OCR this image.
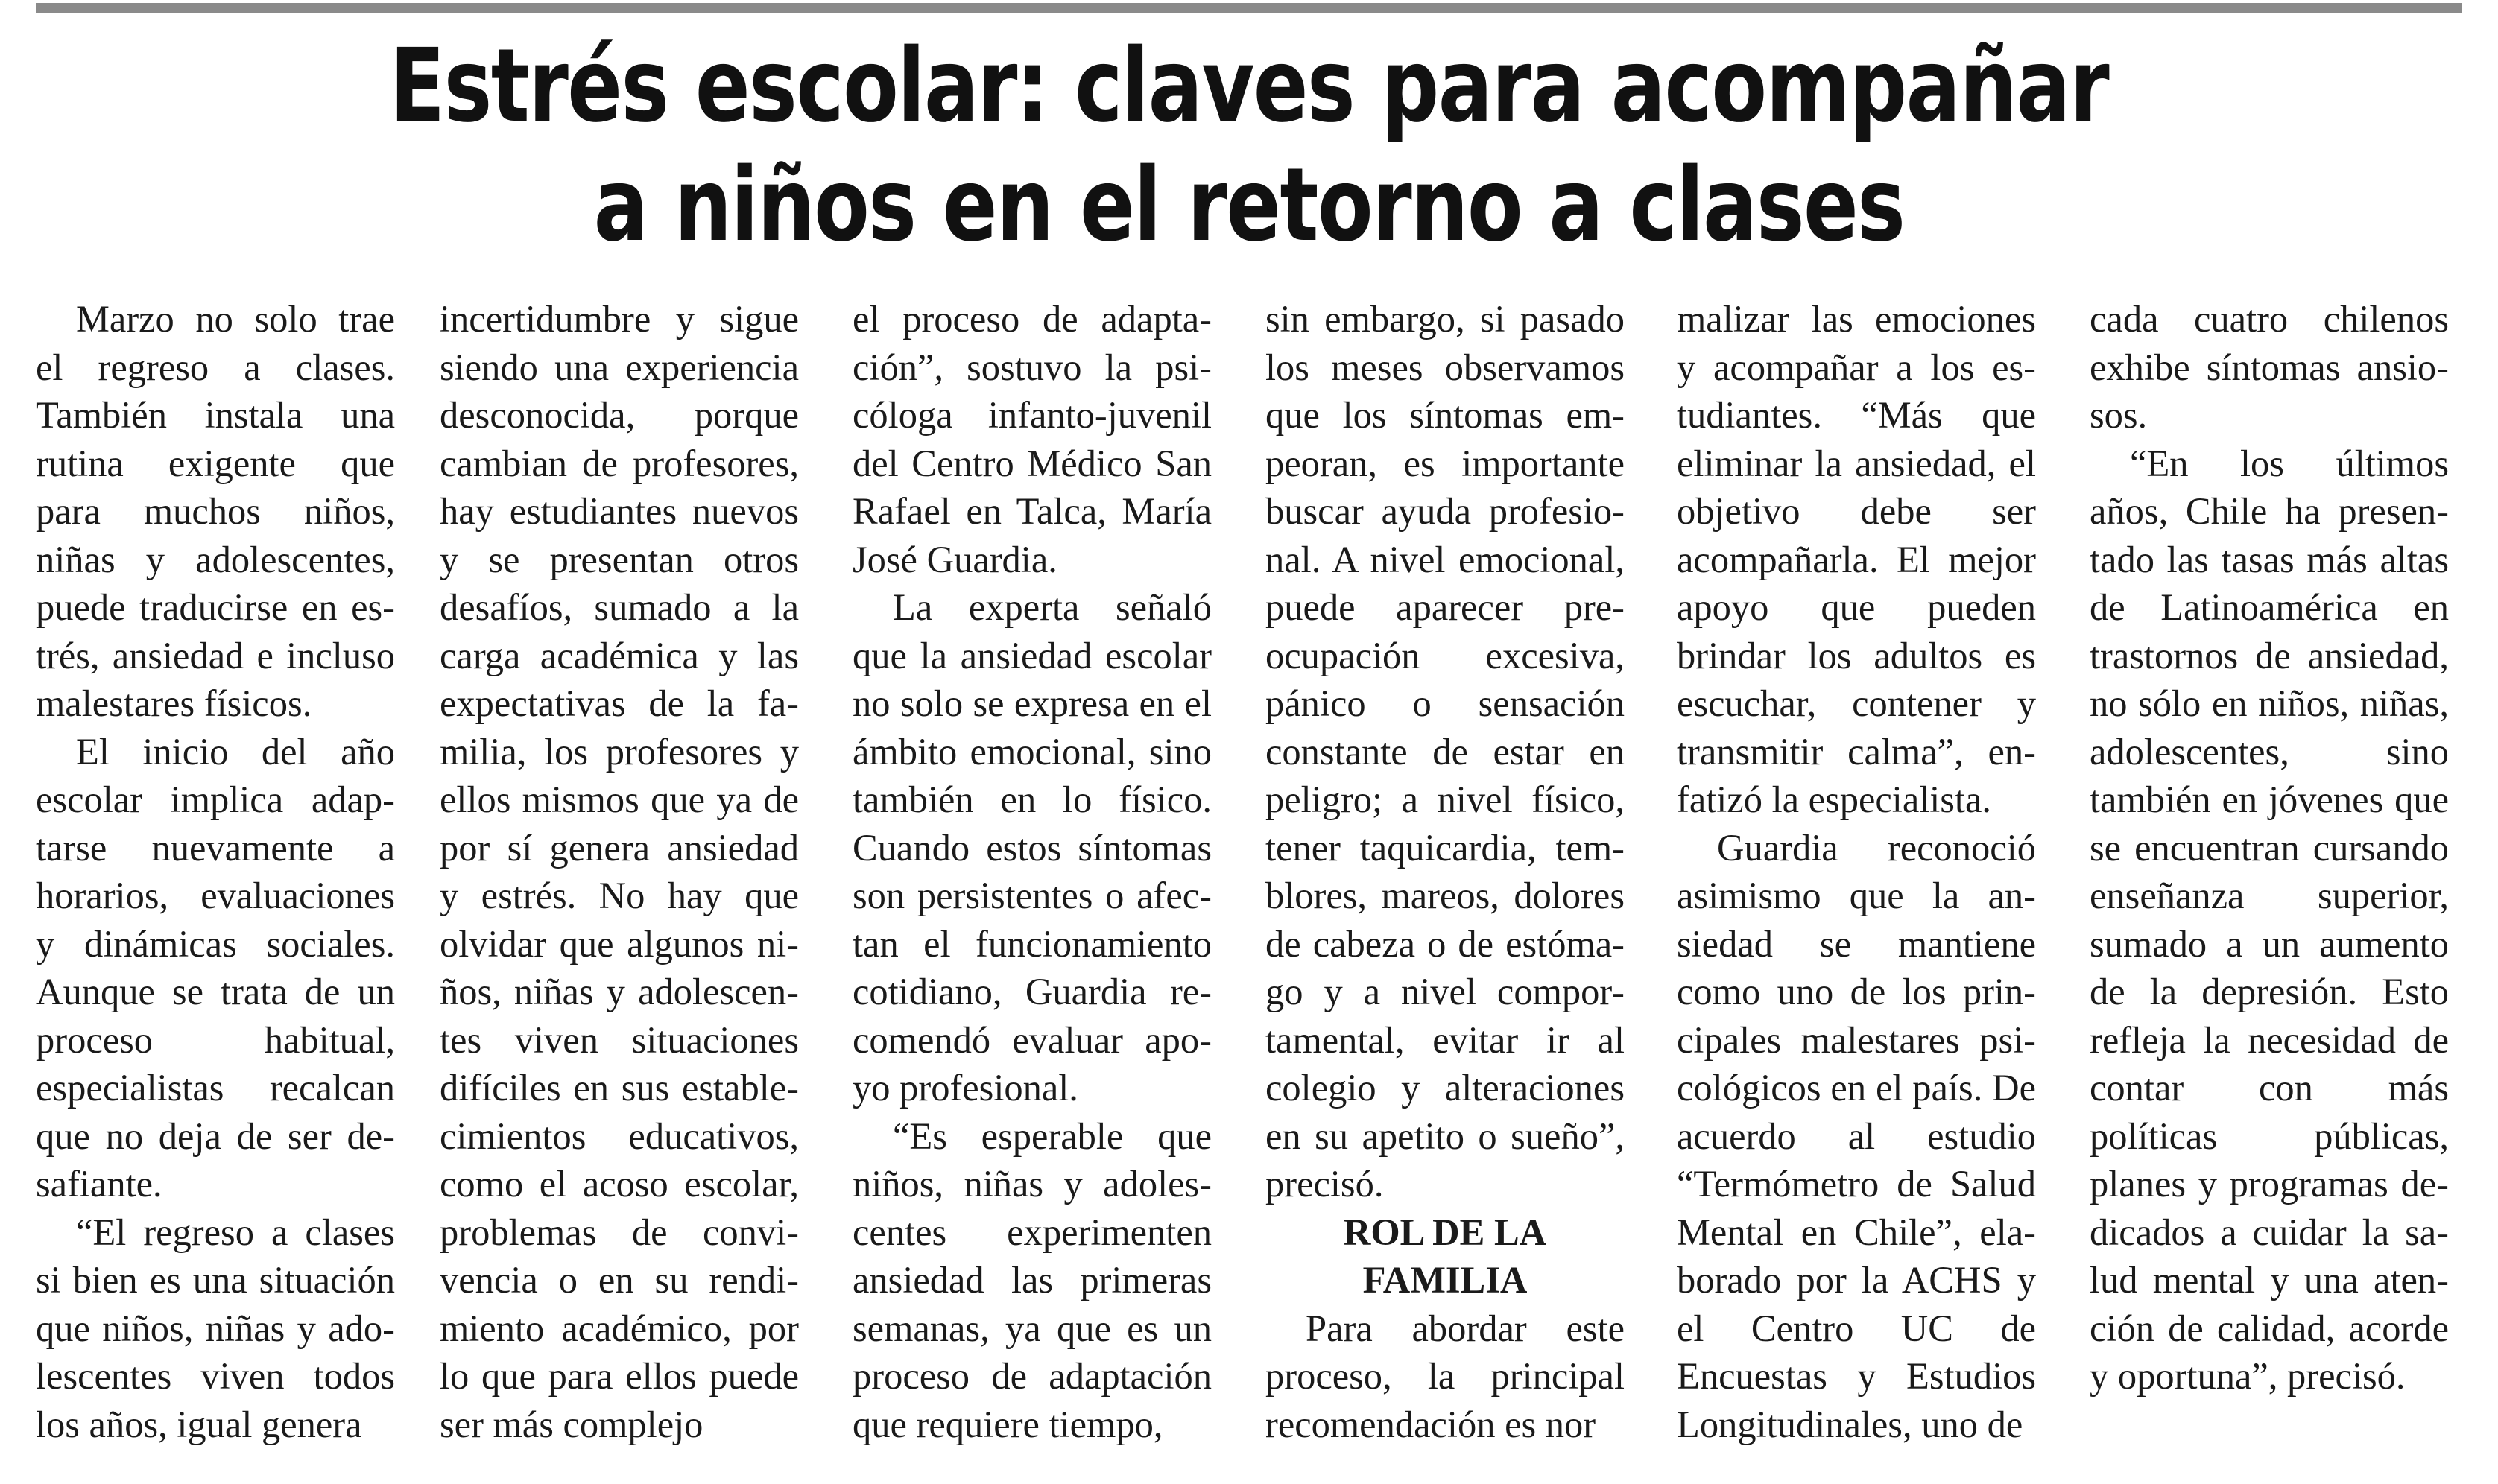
Estrés escolar: claves para acompañar
a niños en el retorno a clases

Marzo no solo trae el regreso a clases. También instala una rutina exigente que para muchos niños, niñas y adolescentes, puede traducirse en estrés, ansiedad e incluso malestares físicos.

El inicio del año escolar implica adaptarse nuevamente a horarios, evaluaciones y dinámicas sociales. Aunque se trata de un proceso habitual, especialistas recalcan que no deja de ser desafiante.

“El regreso a clases si bien es una situación que niños, niñas y adolescentes viven todos los años, igual genera

incertidumbre y sigue siendo una experiencia desconocida, porque cambian de profesores, hay estudiantes nuevos y se presentan otros desafíos, sumado a la carga académica y las expectativas de la familia, los profesores y ellos mismos que ya de por sí genera ansiedad y estrés. No hay que olvidar que algunos niños, niñas y adolescentes viven situaciones difíciles en sus establecimientos educativos, como el acoso escolar, problemas de convivencia o en su rendimiento académico, por lo que para ellos puede ser más complejo

el proceso de adaptación”, sostuvo la psicóloga infanto-juvenil del Centro Médico San Rafael en Talca, María José Guardia.

La experta señaló que la ansiedad escolar no solo se expresa en el ámbito emocional, sino también en lo físico. Cuando estos síntomas son persistentes o afectan el funcionamiento cotidiano, Guardia recomendó evaluar apoyo profesional.

“Es esperable que niños, niñas y adolescentes experimenten ansiedad las primeras semanas, ya que es un proceso de adaptación que requiere tiempo,

sin embargo, si pasado los meses observamos que los síntomas empeoran, es importante buscar ayuda profesional. A nivel emocional, puede aparecer preocupación excesiva, pánico o sensación constante de estar en peligro; a nivel físico, tener taquicardia, temblores, mareos, dolores de cabeza o de estómago y a nivel comportamental, evitar ir al colegio y alteraciones en su apetito o sueño”, precisó.

ROL DE LA
FAMILIA

Para abordar este proceso, la principal recomendación es nor

malizar las emociones y acompañar a los estudiantes. “Más que eliminar la ansiedad, el objetivo debe ser acompañarla. El mejor apoyo que pueden brindar los adultos es escuchar, contener y transmitir calma”, enfatizó la especialista.

Guardia reconoció asimismo que la ansiedad se mantiene como uno de los principales malestares psicológicos en el país. De acuerdo al estudio “Termómetro de Salud Mental en Chile”, elaborado por la ACHS y el Centro UC de Encuestas y Estudios Longitudinales, uno de

cada cuatro chilenos exhibe síntomas ansiosos.

“En los últimos años, Chile ha presentado las tasas más altas de Latinoamérica en trastornos de ansiedad, no sólo en niños, niñas, adolescentes, sino también en jóvenes que se encuentran cursando enseñanza superior, sumado a un aumento de la depresión. Esto refleja la necesidad de contar con más políticas públicas, planes y programas dedicados a cuidar la salud mental y una atención de calidad, acorde y oportuna”, precisó.
